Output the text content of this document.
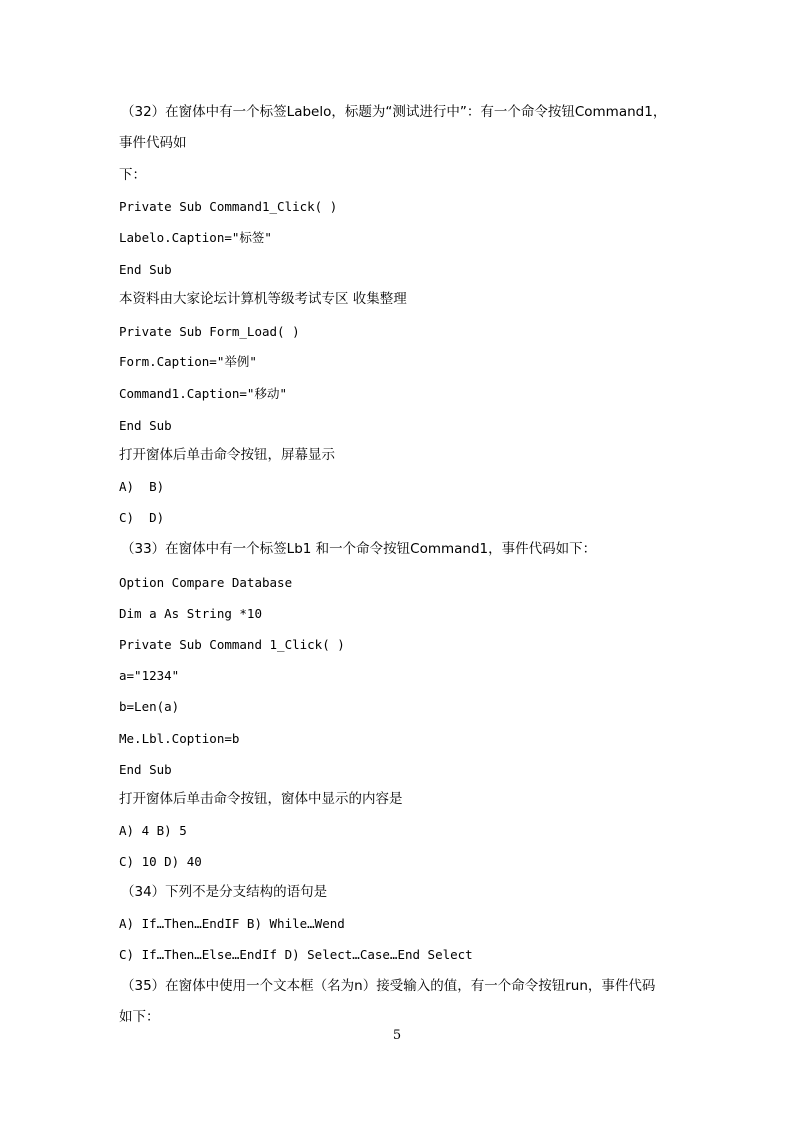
（32）在窗体中有一个标签Labelo，标题为“测试进行中”：有一个命令按钮Command1，
事件代码如
下：
Private Sub Command1_Click( )
Labelo.Caption="标签"
End Sub
本资料由大家论坛计算机等级考试专区 收集整理
Private Sub Form_Load( )
Form.Caption="举例"
Command1.Caption="移动"
End Sub
打开窗体后单击命令按钮，屏幕显示
A)  B)
C)  D)
（33）在窗体中有一个标签Lb1 和一个命令按钮Command1，事件代码如下：
Option Compare Database
Dim a As String *10
Private Sub Command 1_Click( )
a="1234"
b=Len(a)
Me.Lbl.Coption=b
End Sub
打开窗体后单击命令按钮，窗体中显示的内容是
A) 4 B) 5
C) 10 D) 40
（34）下列不是分支结构的语句是
A) If…Then…EndIF B) While…Wend
C) If…Then…Else…EndIf D) Select…Case…End Select
（35）在窗体中使用一个文本框（名为n）接受输入的值，有一个命令按钮run，事件代码
如下：
5
